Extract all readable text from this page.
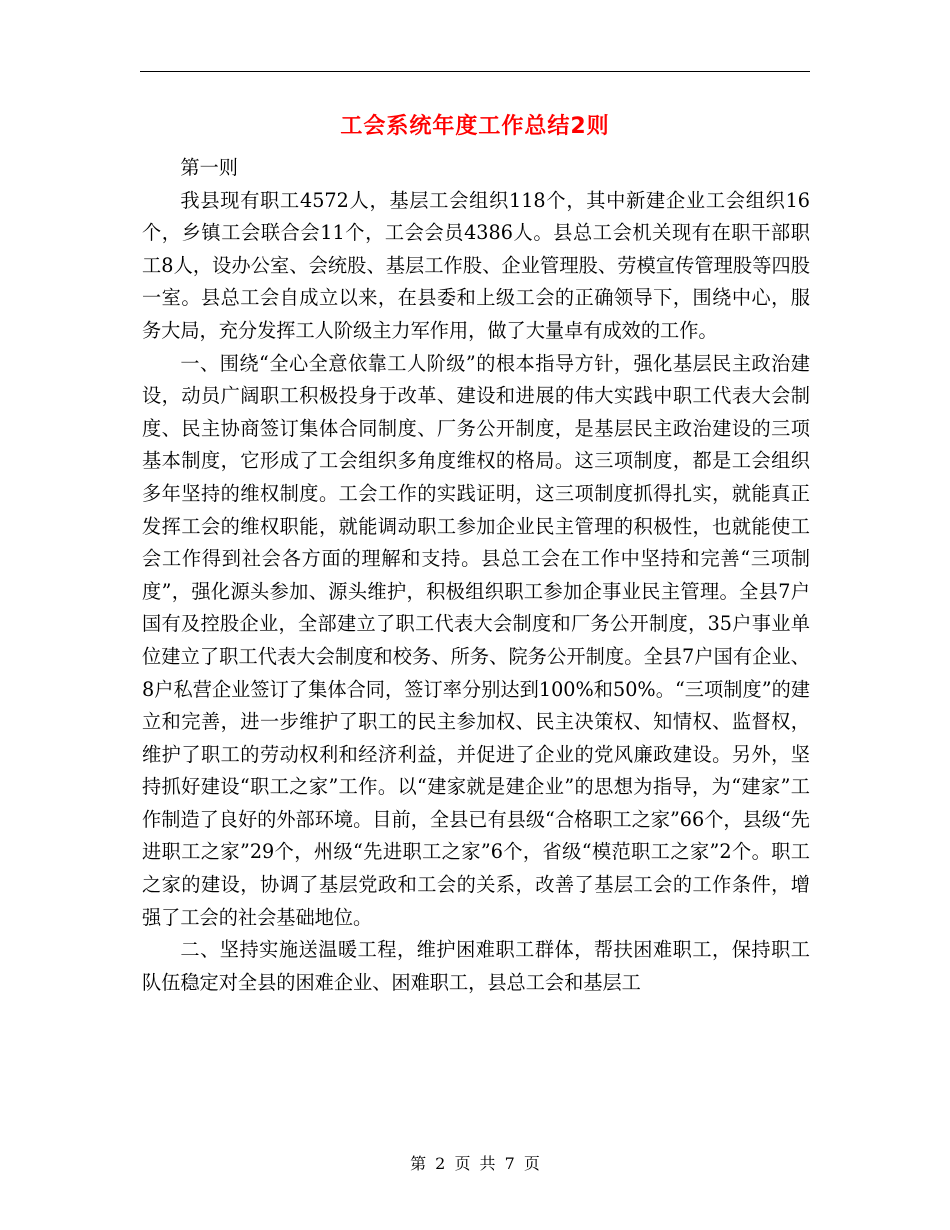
工会系统年度工作总结2则

第一则

我县现有职工4572人，基层工会组织118个，其中新建企业工会组织16个，乡镇工会联合会11个，工会会员4386人。县总工会机关现有在职干部职工8人，设办公室、会统股、基层工作股、企业管理股、劳模宣传管理股等四股一室。县总工会自成立以来，在县委和上级工会的正确领导下，围绕中心，服务大局，充分发挥工人阶级主力军作用，做了大量卓有成效的工作。

一、围绕“全心全意依靠工人阶级”的根本指导方针，强化基层民主政治建设，动员广阔职工积极投身于改革、建设和进展的伟大实践中职工代表大会制度、民主协商签订集体合同制度、厂务公开制度，是基层民主政治建设的三项基本制度，它形成了工会组织多角度维权的格局。这三项制度，都是工会组织多年坚持的维权制度。工会工作的实践证明，这三项制度抓得扎实，就能真正发挥工会的维权职能，就能调动职工参加企业民主管理的积极性，也就能使工会工作得到社会各方面的理解和支持。县总工会在工作中坚持和完善“三项制度”，强化源头参加、源头维护，积极组织职工参加企事业民主管理。全县7户国有及控股企业，全部建立了职工代表大会制度和厂务公开制度，35户事业单位建立了职工代表大会制度和校务、所务、院务公开制度。全县7户国有企业、8户私营企业签订了集体合同，签订率分别达到100%和50%。“三项制度”的建立和完善，进一步维护了职工的民主参加权、民主决策权、知情权、监督权，维护了职工的劳动权利和经济利益，并促进了企业的党风廉政建设。另外，坚持抓好建设“职工之家”工作。以“建家就是建企业”的思想为指导，为“建家”工作制造了良好的外部环境。目前，全县已有县级“合格职工之家”66个，县级“先进职工之家”29个，州级“先进职工之家”6个，省级“模范职工之家”2个。职工之家的建设，协调了基层党政和工会的关系，改善了基层工会的工作条件，增强了工会的社会基础地位。

二、坚持实施送温暖工程，维护困难职工群体，帮扶困难职工，保持职工队伍稳定对全县的困难企业、困难职工，县总工会和基层工

第 2 页 共 7 页
